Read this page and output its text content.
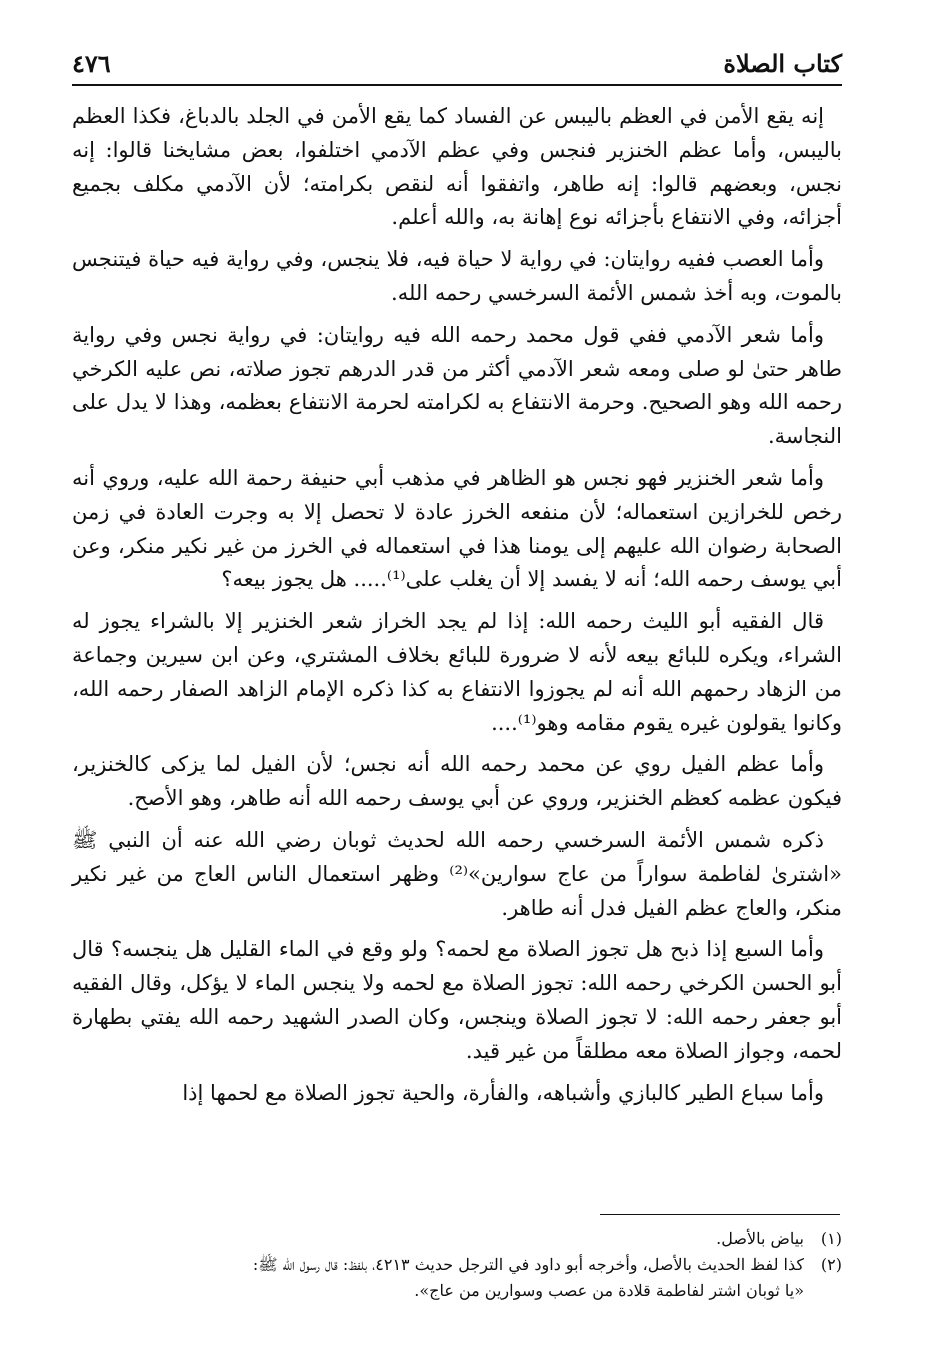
كتاب الصلاة
٤٧٦

إنه يقع الأمن في العظم باليبس عن الفساد كما يقع الأمن في الجلد بالدباغ، فكذا العظم باليبس، وأما عظم الخنزير فنجس وفي عظم الآدمي اختلفوا، بعض مشايخنا قالوا: إنه نجس، وبعضهم قالوا: إنه طاهر، واتفقوا أنه لنقص بكرامته؛ لأن الآدمي مكلف بجميع أجزائه، وفي الانتفاع بأجزائه نوع إهانة به، والله أعلم.

وأما العصب ففيه روايتان: في رواية لا حياة فيه، فلا ينجس، وفي رواية فيه حياة فيتنجس بالموت، وبه أخذ شمس الأئمة السرخسي رحمه الله.

وأما شعر الآدمي ففي قول محمد رحمه الله فيه روايتان: في رواية نجس وفي رواية طاهر حتىٰ لو صلى ومعه شعر الآدمي أكثر من قدر الدرهم تجوز صلاته، نص عليه الكرخي رحمه الله وهو الصحيح. وحرمة الانتفاع به لكرامته لحرمة الانتفاع بعظمه، وهذا لا يدل على النجاسة.

وأما شعر الخنزير فهو نجس هو الظاهر في مذهب أبي حنيفة رحمة الله عليه، وروي أنه رخص للخرازين استعماله؛ لأن منفعه الخرز عادة لا تحصل إلا به وجرت العادة في زمن الصحابة رضوان الله عليهم إلى يومنا هذا في استعماله في الخرز من غير نكير منكر، وعن أبي يوسف رحمه الله؛ أنه لا يفسد إلا أن يغلب على⁽¹⁾..... هل يجوز بيعه؟

قال الفقيه أبو الليث رحمه الله: إذا لم يجد الخراز شعر الخنزير إلا بالشراء يجوز له الشراء، ويكره للبائع بيعه لأنه لا ضرورة للبائع بخلاف المشتري، وعن ابن سيرين وجماعة من الزهاد رحمهم الله أنه لم يجوزوا الانتفاع به كذا ذكره الإمام الزاهد الصفار رحمه الله، وكانوا يقولون غيره يقوم مقامه وهو⁽¹⁾....

وأما عظم الفيل روي عن محمد رحمه الله أنه نجس؛ لأن الفيل لما يزكى كالخنزير، فيكون عظمه كعظم الخنزير، وروي عن أبي يوسف رحمه الله أنه طاهر، وهو الأصح.

ذكره شمس الأئمة السرخسي رحمه الله لحديث ثوبان رضي الله عنه أن النبي ﷺ «اشترىٰ لفاطمة سواراً من عاج سوارين»⁽²⁾ وظهر استعمال الناس العاج من غير نكير منكر، والعاج عظم الفيل فدل أنه طاهر.

وأما السبع إذا ذبح هل تجوز الصلاة مع لحمه؟ ولو وقع في الماء القليل هل ينجسه؟ قال أبو الحسن الكرخي رحمه الله: تجوز الصلاة مع لحمه ولا ينجس الماء لا يؤكل، وقال الفقيه أبو جعفر رحمه الله: لا تجوز الصلاة وينجس، وكان الصدر الشهيد رحمه الله يفتي بطهارة لحمه، وجواز الصلاة معه مطلقاً من غير قيد.

وأما سباع الطير كالبازي وأشباهه، والفأرة، والحية تجوز الصلاة مع لحمها إذا

(١)
بياض بالأصل.
(٢)
كذا لفظ الحديث بالأصل، وأخرجه أبو داود في الترجل حديث ٤٢١٣، بلفظ: قال رسول الله ﷺ:
«يا ثوبان اشتر لفاطمة قلادة من عصب وسوارين من عاج».
